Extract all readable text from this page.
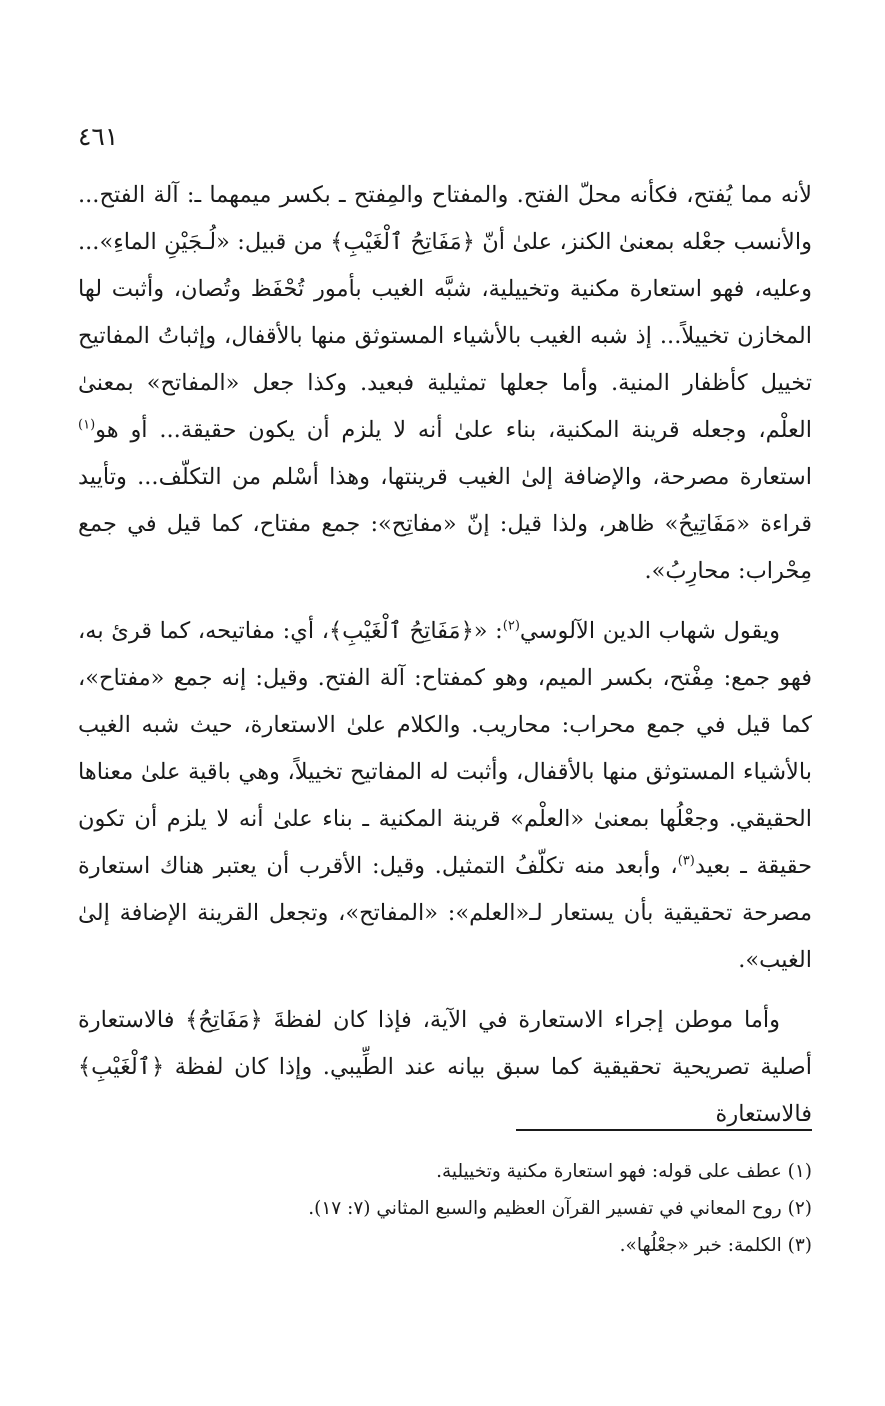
٤٦١

لأنه مما يُفتح، فكأنه محلّ الفتح. والمفتاح والمِفتح ـ بكسر ميمهما ـ: آلة الفتح... والأنسب جعْله بمعنىٰ الكنز، علىٰ أنّ ﴿مَفَاتِحُ ٱلْغَيْبِ﴾ من قبيل: «لُـجَيْنِ الماءِ»... وعليه، فهو استعارة مكنية وتخييلية، شبَّه الغيب بأمور تُحْفَظ وتُصان، وأثبت لها المخازن تخييلاً... إذ شبه الغيب بالأشياء المستوثق منها بالأقفال، وإثباتُ المفاتيح تخييل كأظفار المنية. وأما جعلها تمثيلية فبعيد. وكذا جعل «المفاتح» بمعنىٰ العلْم، وجعله قرينة المكنية، بناء علىٰ أنه لا يلزم أن يكون حقيقة... أو هو$^{(١)}$ استعارة مصرحة، والإضافة إلىٰ الغيب قرينتها، وهذا أسْلم من التكلّف... وتأييد قراءة «مَفَاتِيحُ» ظاهر، ولذا قيل: إنّ «مفاتِح»: جمع مفتاح، كما قيل في جمع مِحْراب: محارِبُ».

ويقول شهاب الدين الآلوسي$^{(٢)}$: «﴿مَفَاتِحُ ٱلْغَيْبِ﴾، أي: مفاتيحه، كما قرئ به، فهو جمع: مِفْتح، بكسر الميم، وهو كمفتاح: آلة الفتح. وقيل: إنه جمع «مفتاح»، كما قيل في جمع محراب: محاريب. والكلام علىٰ الاستعارة، حيث شبه الغيب بالأشياء المستوثق منها بالأقفال، وأثبت له المفاتيح تخييلاً، وهي باقية علىٰ معناها الحقيقي. وجعْلُها بمعنىٰ «العلْم» قرينة المكنية ـ بناء علىٰ أنه لا يلزم أن تكون حقيقة ـ بعيد$^{(٣)}$، وأبعد منه تكلّفُ التمثيل. وقيل: الأقرب أن يعتبر هناك استعارة مصرحة تحقيقية بأن يستعار لـ«العلم»: «المفاتح»، وتجعل القرينة الإضافة إلىٰ الغيب».

وأما موطن إجراء الاستعارة في الآية، فإذا كان لفظةَ ﴿مَفَاتِحُ﴾ فالاستعارة أصلية تصريحية تحقيقية كما سبق بيانه عند الطِّيبي. وإذا كان لفظة ﴿ٱلْغَيْبِ﴾ فالاستعارة

(١) عطف على قوله: فهو استعارة مكنية وتخييلية.

(٢) روح المعاني في تفسير القرآن العظيم والسبع المثاني (٧: ١٧).

(٣) الكلمة: خبر «جعْلُها».
